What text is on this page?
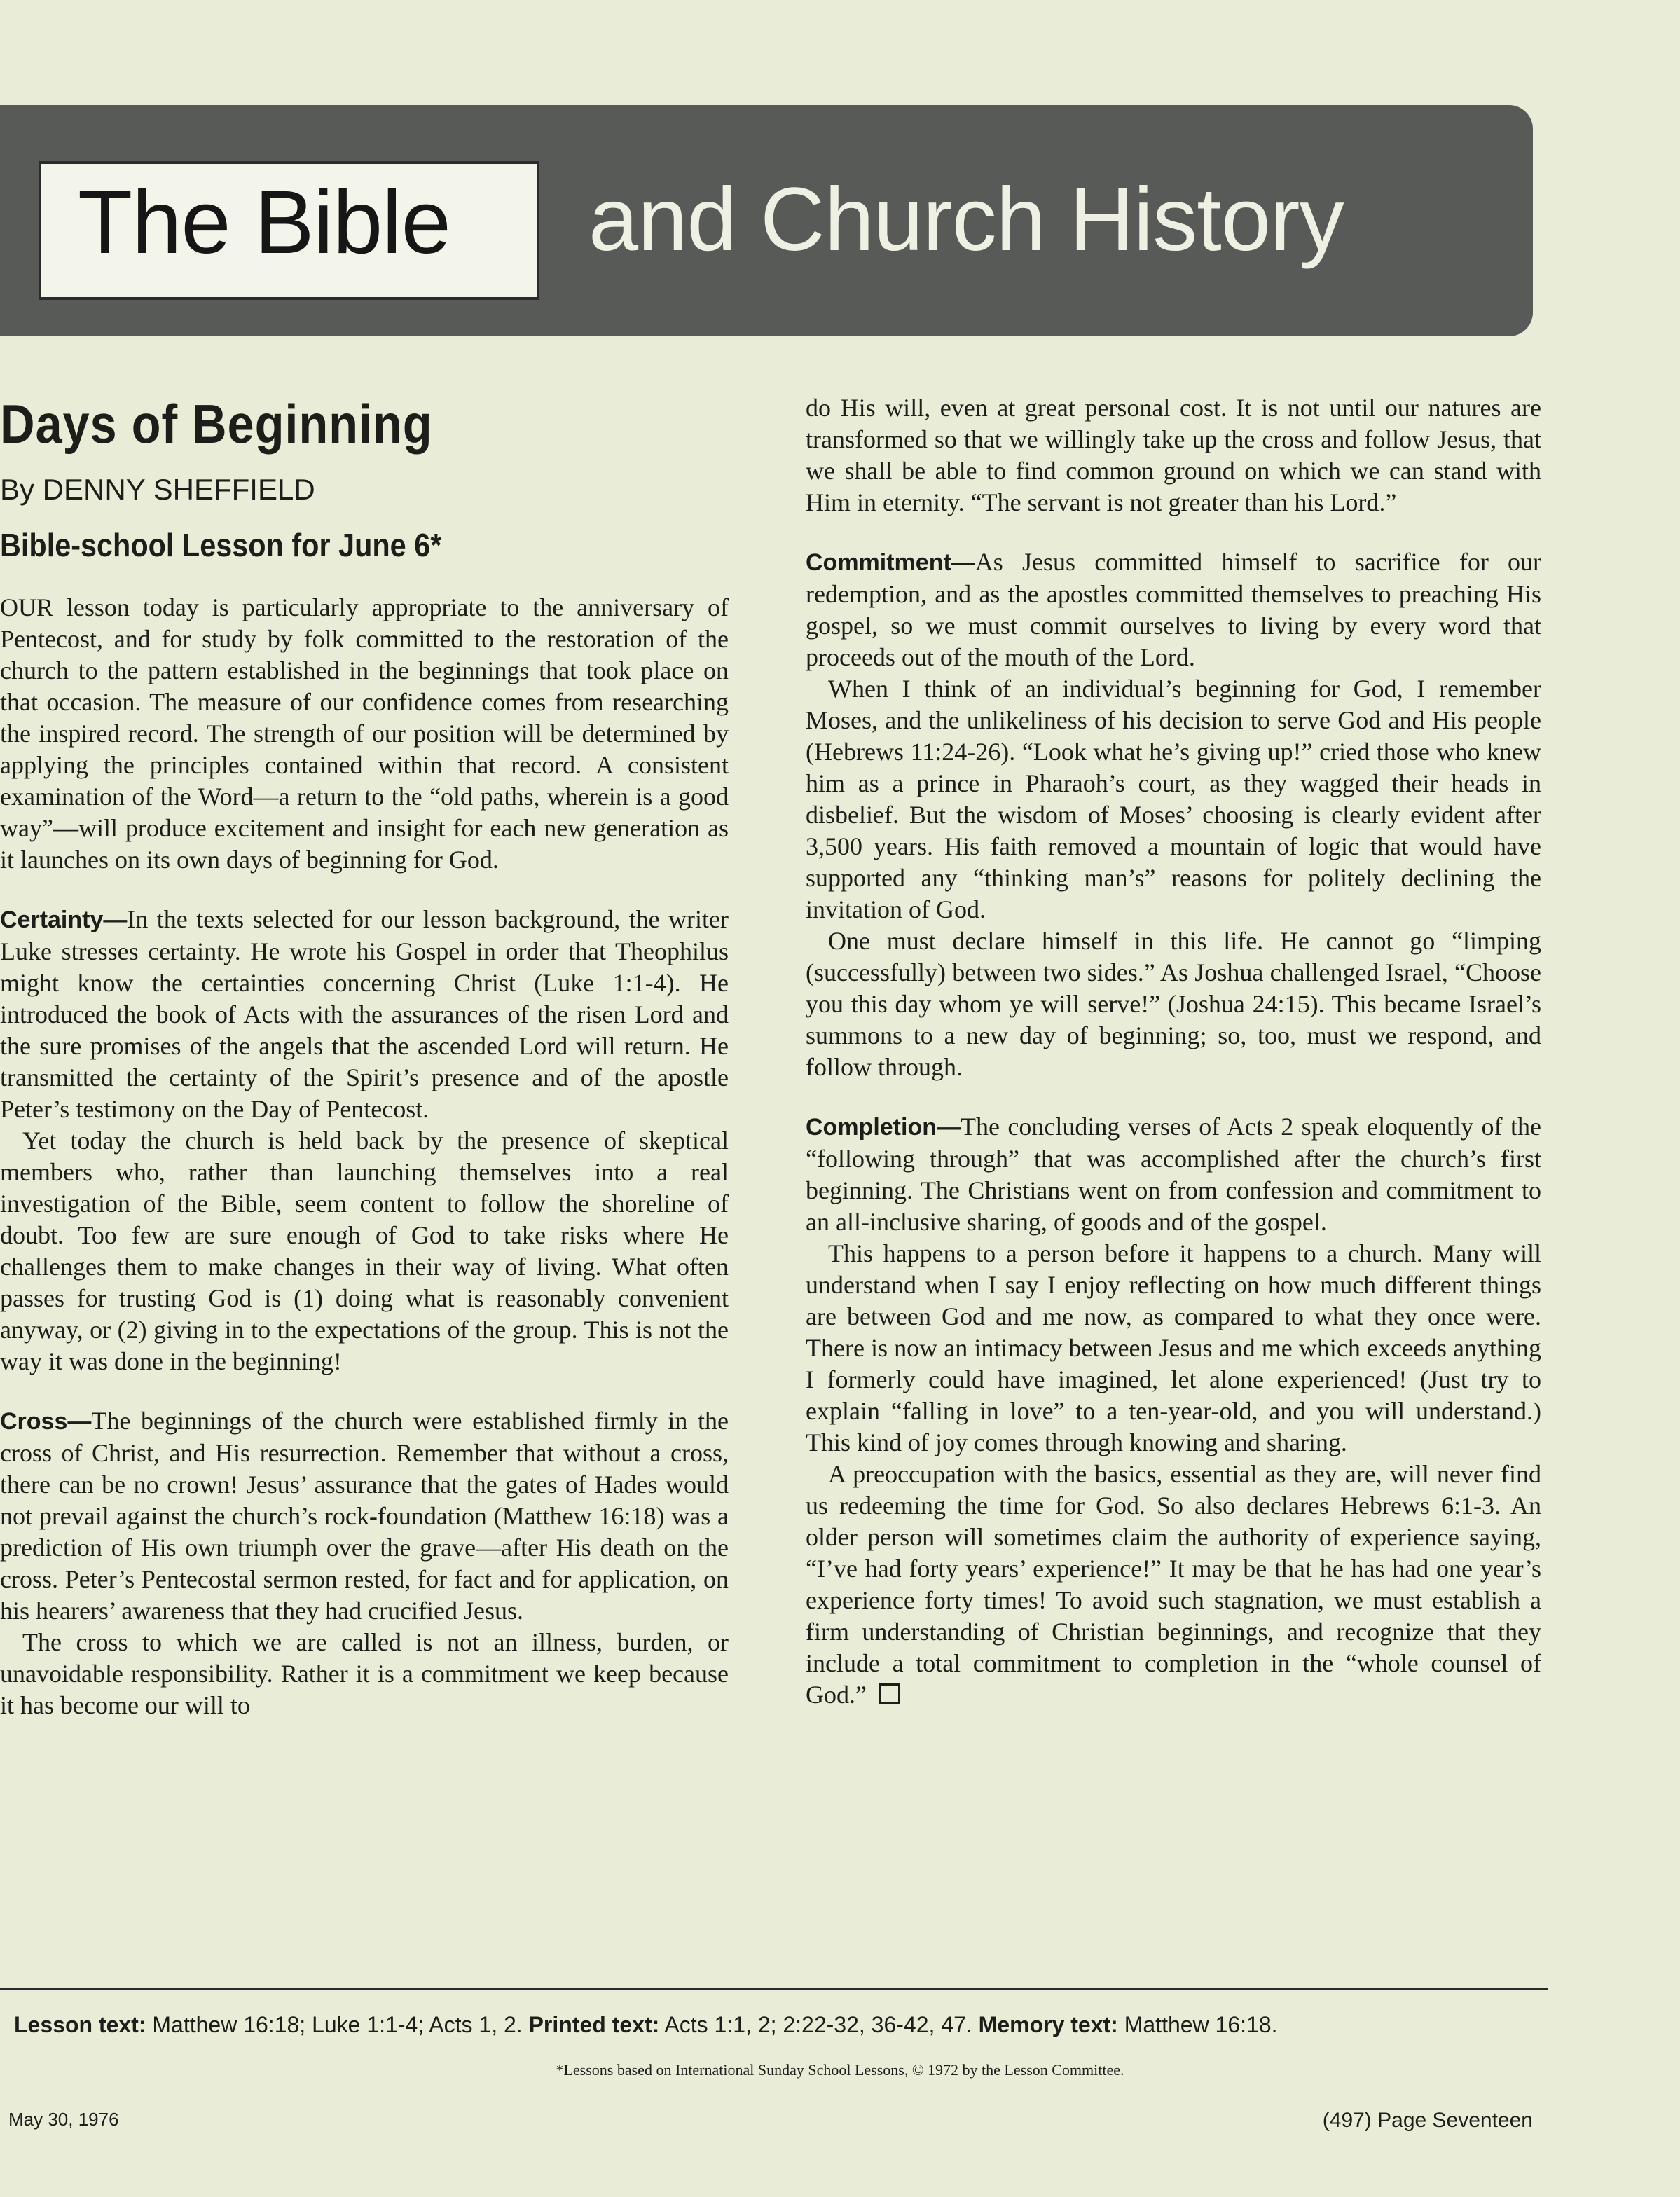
The Bible and Church History
Days of Beginning
By DENNY SHEFFIELD
Bible-school Lesson for June 6*

OUR lesson today is particularly appropriate to the anniversary of Pentecost, and for study by folk committed to the restoration of the church to the pattern established in the beginnings that took place on that occasion. The measure of our confidence comes from researching the inspired record. The strength of our position will be determined by applying the principles contained within that record. A consistent examination of the Word—a return to the “old paths, wherein is a good way”—will produce excitement and insight for each new generation as it launches on its own days of beginning for God.

Certainty—In the texts selected for our lesson background, the writer Luke stresses certainty. He wrote his Gospel in order that Theophilus might know the certainties concerning Christ (Luke 1:1-4). He introduced the book of Acts with the assurances of the risen Lord and the sure promises of the angels that the ascended Lord will return. He transmitted the certainty of the Spirit’s presence and of the apostle Peter’s testimony on the Day of Pentecost.

Yet today the church is held back by the presence of skeptical members who, rather than launching themselves into a real investigation of the Bible, seem content to follow the shoreline of doubt. Too few are sure enough of God to take risks where He challenges them to make changes in their way of living. What often passes for trusting God is (1) doing what is reasonably convenient anyway, or (2) giving in to the expectations of the group. This is not the way it was done in the beginning!

Cross—The beginnings of the church were established firmly in the cross of Christ, and His resurrection. Remember that without a cross, there can be no crown! Jesus’ assurance that the gates of Hades would not prevail against the church’s rock-foundation (Matthew 16:18) was a prediction of His own triumph over the grave—after His death on the cross. Peter’s Pentecostal sermon rested, for fact and for application, on his hearers’ awareness that they had crucified Jesus.

The cross to which we are called is not an illness, burden, or unavoidable responsibility. Rather it is a commitment we keep because it has become our will to

do His will, even at great personal cost. It is not until our natures are transformed so that we willingly take up the cross and follow Jesus, that we shall be able to find common ground on which we can stand with Him in eternity. “The servant is not greater than his Lord.”

Commitment—As Jesus committed himself to sacrifice for our redemption, and as the apostles committed themselves to preaching His gospel, so we must commit ourselves to living by every word that proceeds out of the mouth of the Lord.

When I think of an individual’s beginning for God, I remember Moses, and the unlikeliness of his decision to serve God and His people (Hebrews 11:24-26). “Look what he’s giving up!” cried those who knew him as a prince in Pharaoh’s court, as they wagged their heads in disbelief. But the wisdom of Moses’ choosing is clearly evident after 3,500 years. His faith removed a mountain of logic that would have supported any “thinking man’s” reasons for politely declining the invitation of God.

One must declare himself in this life. He cannot go “limping (successfully) between two sides.” As Joshua challenged Israel, “Choose you this day whom ye will serve!” (Joshua 24:15). This became Israel’s summons to a new day of beginning; so, too, must we respond, and follow through.

Completion—The concluding verses of Acts 2 speak eloquently of the “following through” that was accomplished after the church’s first beginning. The Christians went on from confession and commitment to an all-inclusive sharing, of goods and of the gospel.

This happens to a person before it happens to a church. Many will understand when I say I enjoy reflecting on how much different things are between God and me now, as compared to what they once were. There is now an intimacy between Jesus and me which exceeds anything I formerly could have imagined, let alone experienced! (Just try to explain “falling in love” to a ten-year-old, and you will understand.) This kind of joy comes through knowing and sharing.

A preoccupation with the basics, essential as they are, will never find us redeeming the time for God. So also declares Hebrews 6:1-3. An older person will sometimes claim the authority of experience saying, “I’ve had forty years’ experience!” It may be that he has had one year’s experience forty times! To avoid such stagnation, we must establish a firm understanding of Christian beginnings, and recognize that they include a total commitment to completion in the “whole counsel of God.”

Lesson text: Matthew 16:18; Luke 1:1-4; Acts 1, 2. Printed text: Acts 1:1, 2; 2:22-32, 36-42, 47. Memory text: Matthew 16:18.
*Lessons based on International Sunday School Lessons, © 1972 by the Lesson Committee.
May 30, 1976	(497) Page Seventeen
